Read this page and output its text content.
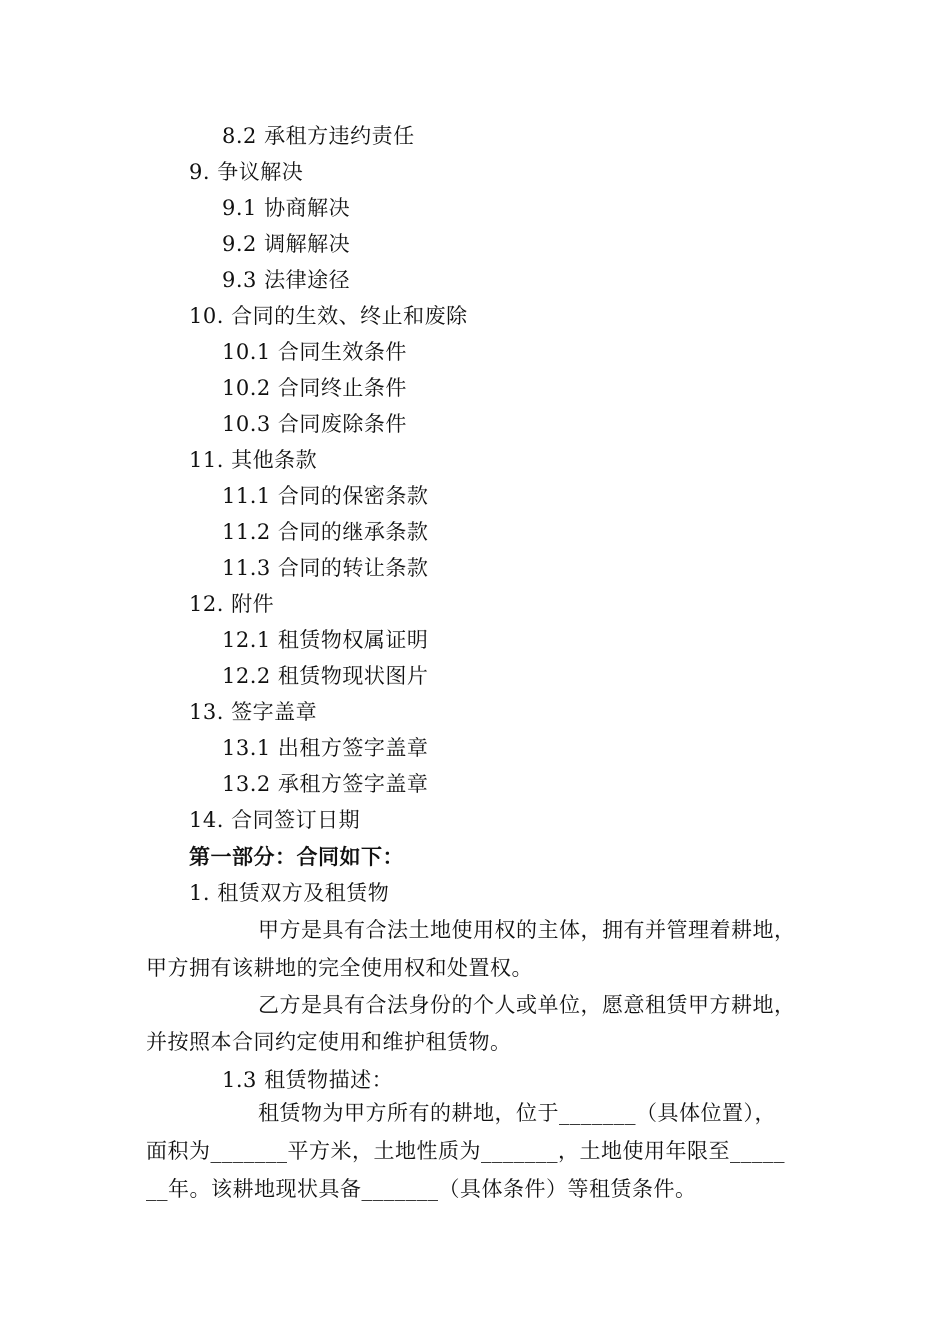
8.2 承租方违约责任
9. 争议解决
9.1 协商解决
9.2 调解解决
9.3 法律途径
10. 合同的生效、终止和废除
10.1 合同生效条件
10.2 合同终止条件
10.3 合同废除条件
11. 其他条款
11.1 合同的保密条款
11.2 合同的继承条款
11.3 合同的转让条款
12. 附件
12.1 租赁物权属证明
12.2 租赁物现状图片
13. 签字盖章
13.1 出租方签字盖章
13.2 承租方签字盖章
14. 合同签订日期
第一部分：合同如下：
1. 租赁双方及租赁物
甲方是具有合法土地使用权的主体，拥有并管理着耕地，
甲方拥有该耕地的完全使用权和处置权。
乙方是具有合法身份的个人或单位，愿意租赁甲方耕地，
并按照本合同约定使用和维护租赁物。
1.3 租赁物描述：
租赁物为甲方所有的耕地，位于_______（具体位置），
面积为_______平方米，土地性质为_______，土地使用年限至_____
__年。该耕地现状具备_______（具体条件）等租赁条件。
